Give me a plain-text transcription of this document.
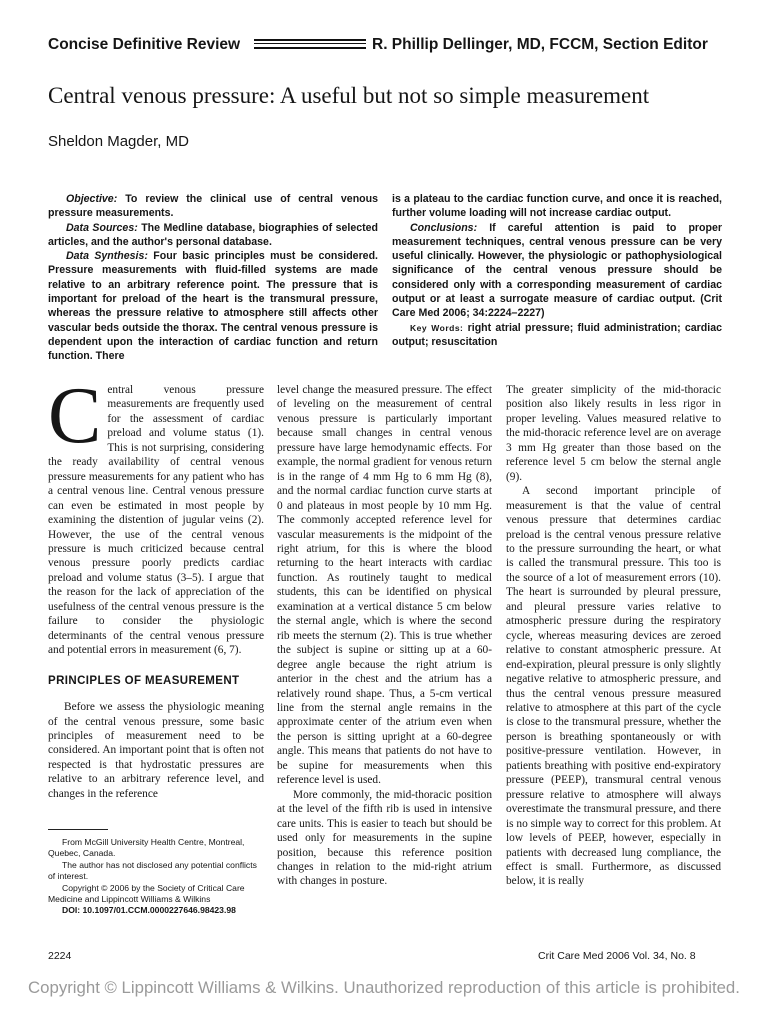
Concise Definitive Review	R. Phillip Dellinger, MD, FCCM, Section Editor
Central venous pressure: A useful but not so simple measurement
Sheldon Magder, MD

Objective: To review the clinical use of central venous pressure measurements.

Data Sources: The Medline database, biographies of selected articles, and the author's personal database.

Data Synthesis: Four basic principles must be considered. Pressure measurements with fluid-filled systems are made relative to an arbitrary reference point. The pressure that is important for preload of the heart is the transmural pressure, whereas the pressure relative to atmosphere still affects other vascular beds outside the thorax. The central venous pressure is dependent upon the interaction of cardiac function and return function. There

is a plateau to the cardiac function curve, and once it is reached, further volume loading will not increase cardiac output.

Conclusions: If careful attention is paid to proper measurement techniques, central venous pressure can be very useful clinically. However, the physiologic or pathophysiological significance of the central venous pressure should be considered only with a corresponding measurement of cardiac output or at least a surrogate measure of cardiac output. (Crit Care Med 2006; 34:2224–2227)

Key Words: right atrial pressure; fluid administration; cardiac output; resuscitation

Central venous pressure measurements are frequently used for the assessment of cardiac preload and volume status (1). This is not surprising, considering the ready availability of central venous pressure measurements for any patient who has a central venous line. Central venous pressure can even be estimated in most people by examining the distention of jugular veins (2). However, the use of the central venous pressure is much criticized because central venous pressure poorly predicts cardiac preload and volume status (3–5). I argue that the reason for the lack of appreciation of the usefulness of the central venous pressure is the failure to consider the physiologic determinants of the central venous pressure and potential errors in measurement (6, 7).

PRINCIPLES OF MEASUREMENT

Before we assess the physiologic meaning of the central venous pressure, some basic principles of measurement need to be considered. An important point that is often not respected is that hydrostatic pressures are relative to an arbitrary reference level, and changes in the reference

level change the measured pressure. The effect of leveling on the measurement of central venous pressure is particularly important because small changes in central venous pressure have large hemodynamic effects. For example, the normal gradient for venous return is in the range of 4 mm Hg to 6 mm Hg (8), and the normal cardiac function curve starts at 0 and plateaus in most people by 10 mm Hg. The commonly accepted reference level for vascular measurements is the midpoint of the right atrium, for this is where the blood returning to the heart interacts with cardiac function. As routinely taught to medical students, this can be identified on physical examination at a vertical distance 5 cm below the sternal angle, which is where the second rib meets the sternum (2). This is true whether the subject is supine or sitting up at a 60-degree angle because the right atrium is anterior in the chest and the atrium has a relatively round shape. Thus, a 5-cm vertical line from the sternal angle remains in the approximate center of the atrium even when the person is sitting upright at a 60-degree angle. This means that patients do not have to be supine for measurements when this reference level is used.

More commonly, the mid-thoracic position at the level of the fifth rib is used in intensive care units. This is easier to teach but should be used only for measurements in the supine position, because this reference position changes in relation to the mid-right atrium with changes in posture.

The greater simplicity of the mid-thoracic position also likely results in less rigor in proper leveling. Values measured relative to the mid-thoracic reference level are on average 3 mm Hg greater than those based on the reference level 5 cm below the sternal angle (9).

A second important principle of measurement is that the value of central venous pressure that determines cardiac preload is the central venous pressure relative to the pressure surrounding the heart, or what is called the transmural pressure. This too is the source of a lot of measurement errors (10). The heart is surrounded by pleural pressure, and pleural pressure varies relative to atmospheric pressure during the respiratory cycle, whereas measuring devices are zeroed relative to constant atmospheric pressure. At end-expiration, pleural pressure is only slightly negative relative to atmospheric pressure, and thus the central venous pressure measured relative to atmosphere at this part of the cycle is close to the transmural pressure, whether the person is breathing spontaneously or with positive-pressure ventilation. However, in patients breathing with positive end-expiratory pressure (PEEP), transmural central venous pressure relative to atmosphere will always overestimate the transmural pressure, and there is no simple way to correct for this problem. At low levels of PEEP, however, especially in patients with decreased lung compliance, the effect is small. Furthermore, as discussed below, it is really

From McGill University Health Centre, Montreal, Quebec, Canada.

The author has not disclosed any potential conflicts of interest.

Copyright © 2006 by the Society of Critical Care Medicine and Lippincott Williams & Wilkins

DOI: 10.1097/01.CCM.0000227646.98423.98

2224	Crit Care Med 2006 Vol. 34, No. 8
Copyright © Lippincott Williams & Wilkins. Unauthorized reproduction of this article is prohibited.
